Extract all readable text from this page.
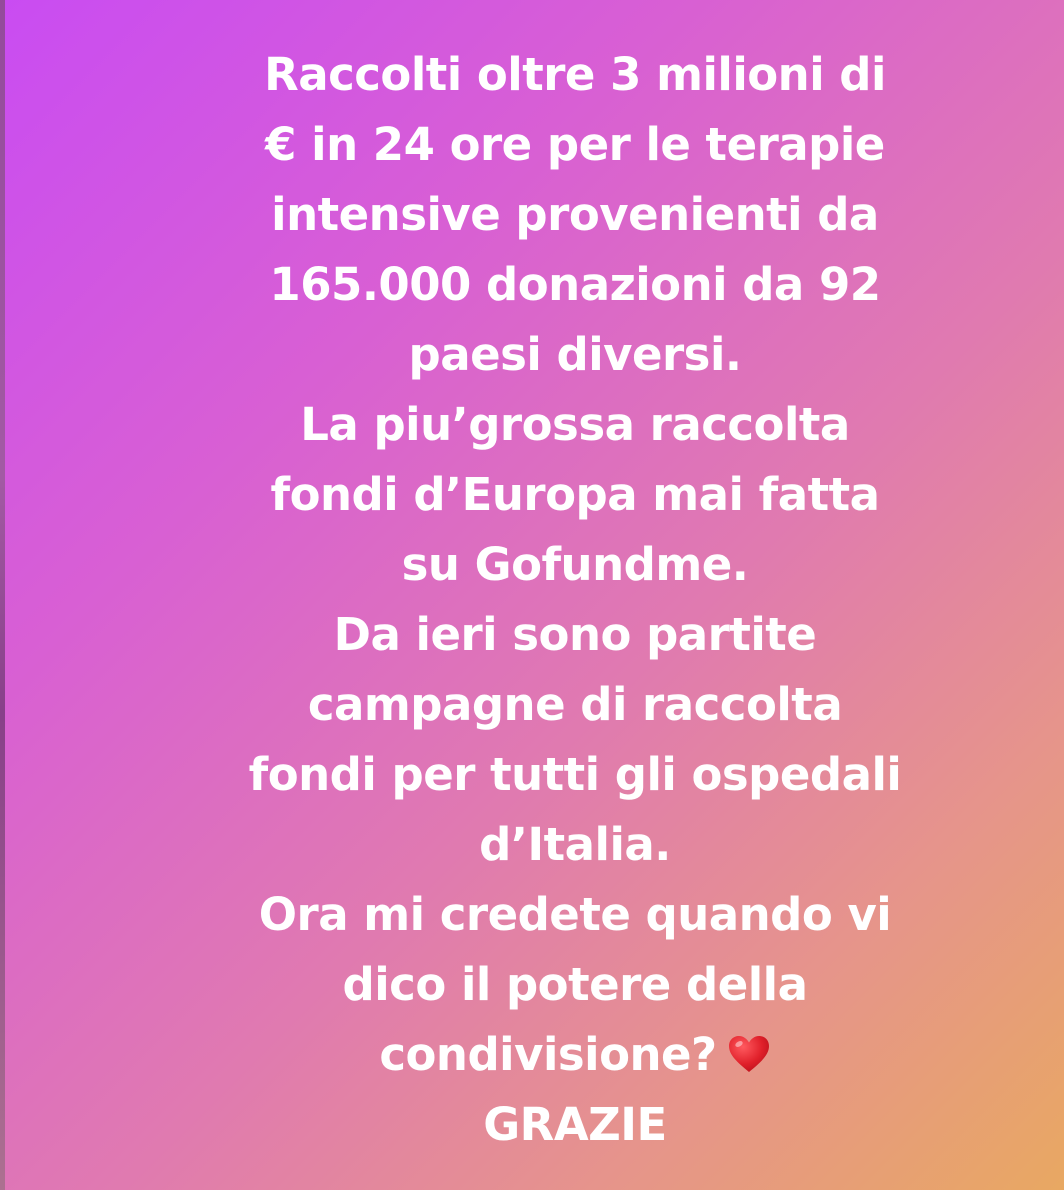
Raccolti oltre 3 milioni di
€ in 24 ore per le terapie
intensive provenienti da
165.000 donazioni da 92
paesi diversi.
La piu’grossa raccolta
fondi d’Europa mai fatta
su Gofundme.
Da ieri sono partite
campagne di raccolta
fondi per tutti gli ospedali
d’Italia.
Ora mi credete quando vi
dico il potere della
condivisione?
GRAZIE
